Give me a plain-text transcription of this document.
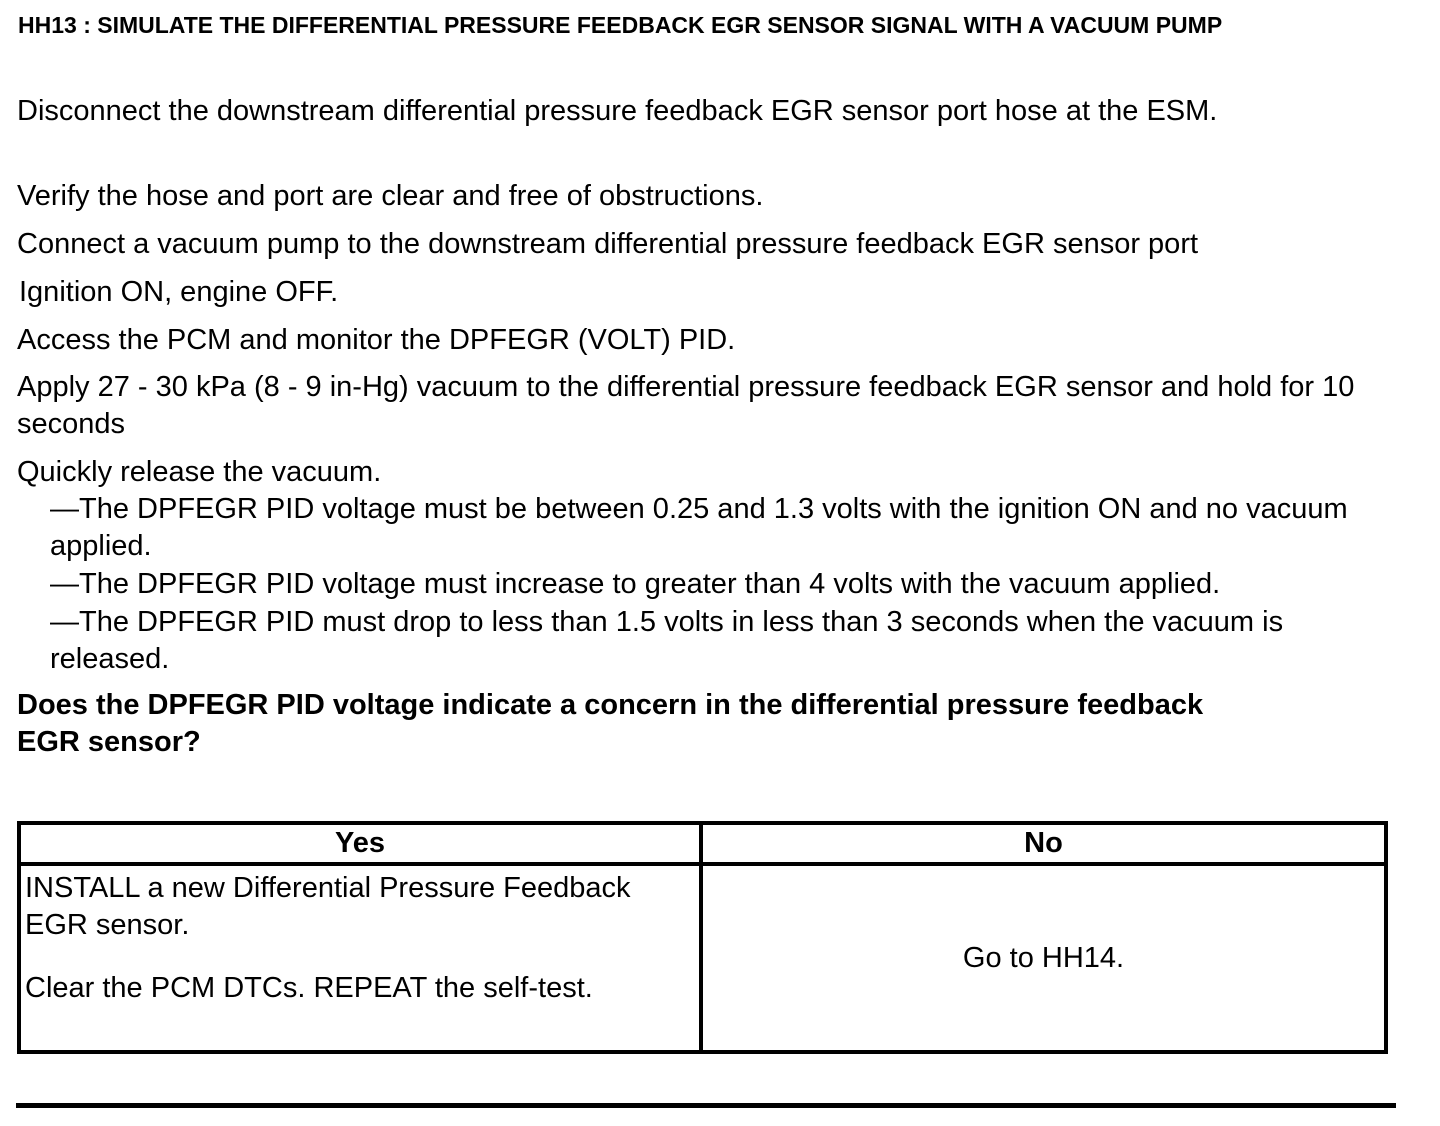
HH13 : SIMULATE THE DIFFERENTIAL PRESSURE FEEDBACK EGR SENSOR SIGNAL WITH A VACUUM PUMP
Disconnect the downstream differential pressure feedback EGR sensor port hose at the ESM.
Verify the hose and port are clear and free of obstructions.
Connect a vacuum pump to the downstream differential pressure feedback EGR sensor port
Ignition ON, engine OFF.
Access the PCM and monitor the DPFEGR (VOLT) PID.
Apply 27 - 30 kPa (8 - 9 in-Hg) vacuum to the differential pressure feedback EGR sensor and hold for 10 seconds
Quickly release the vacuum.
—The DPFEGR PID voltage must be between 0.25 and 1.3 volts with the ignition ON and no vacuum applied.
—The DPFEGR PID voltage must increase to greater than 4 volts with the vacuum applied.
—The DPFEGR PID must drop to less than 1.5 volts in less than 3 seconds when the vacuum is released.
Does the DPFEGR PID voltage indicate a concern in the differential pressure feedback EGR sensor?
Yes	No
INSTALL a new Differential Pressure Feedback EGR sensor.
Clear the PCM DTCs. REPEAT the self-test.	Go to HH14.
